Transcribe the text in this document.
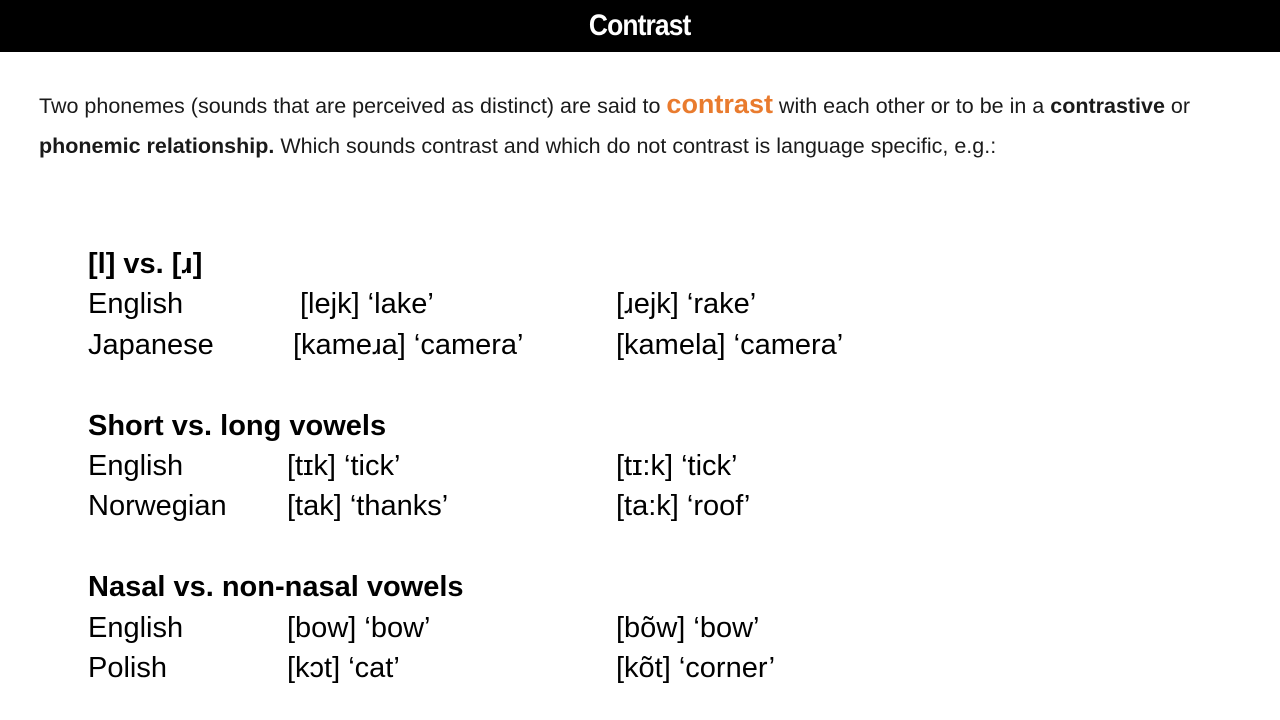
Contrast
Two phonemes (sounds that are perceived as distinct) are said to contrast with each other or to be in a contrastive or phonemic relationship. Which sounds contrast and which do not contrast is language specific, e.g.:
[l] vs. [ɹ]
English	[lejk] ‘lake’	[ɹejk] ‘rake’
Japanese	[kameɹa] ‘camera’	[kamela] ‘camera’
Short vs. long vowels
English	[tɪk] ‘tick’	[tɪ:k] ‘tick’
Norwegian [tak] ‘thanks’	[ta:k] ‘roof’
Nasal vs. non-nasal vowels
English	[bow] ‘bow’	[bõw] ‘bow’
Polish	[kɔt] ‘cat’	[kõt] ‘corner’
